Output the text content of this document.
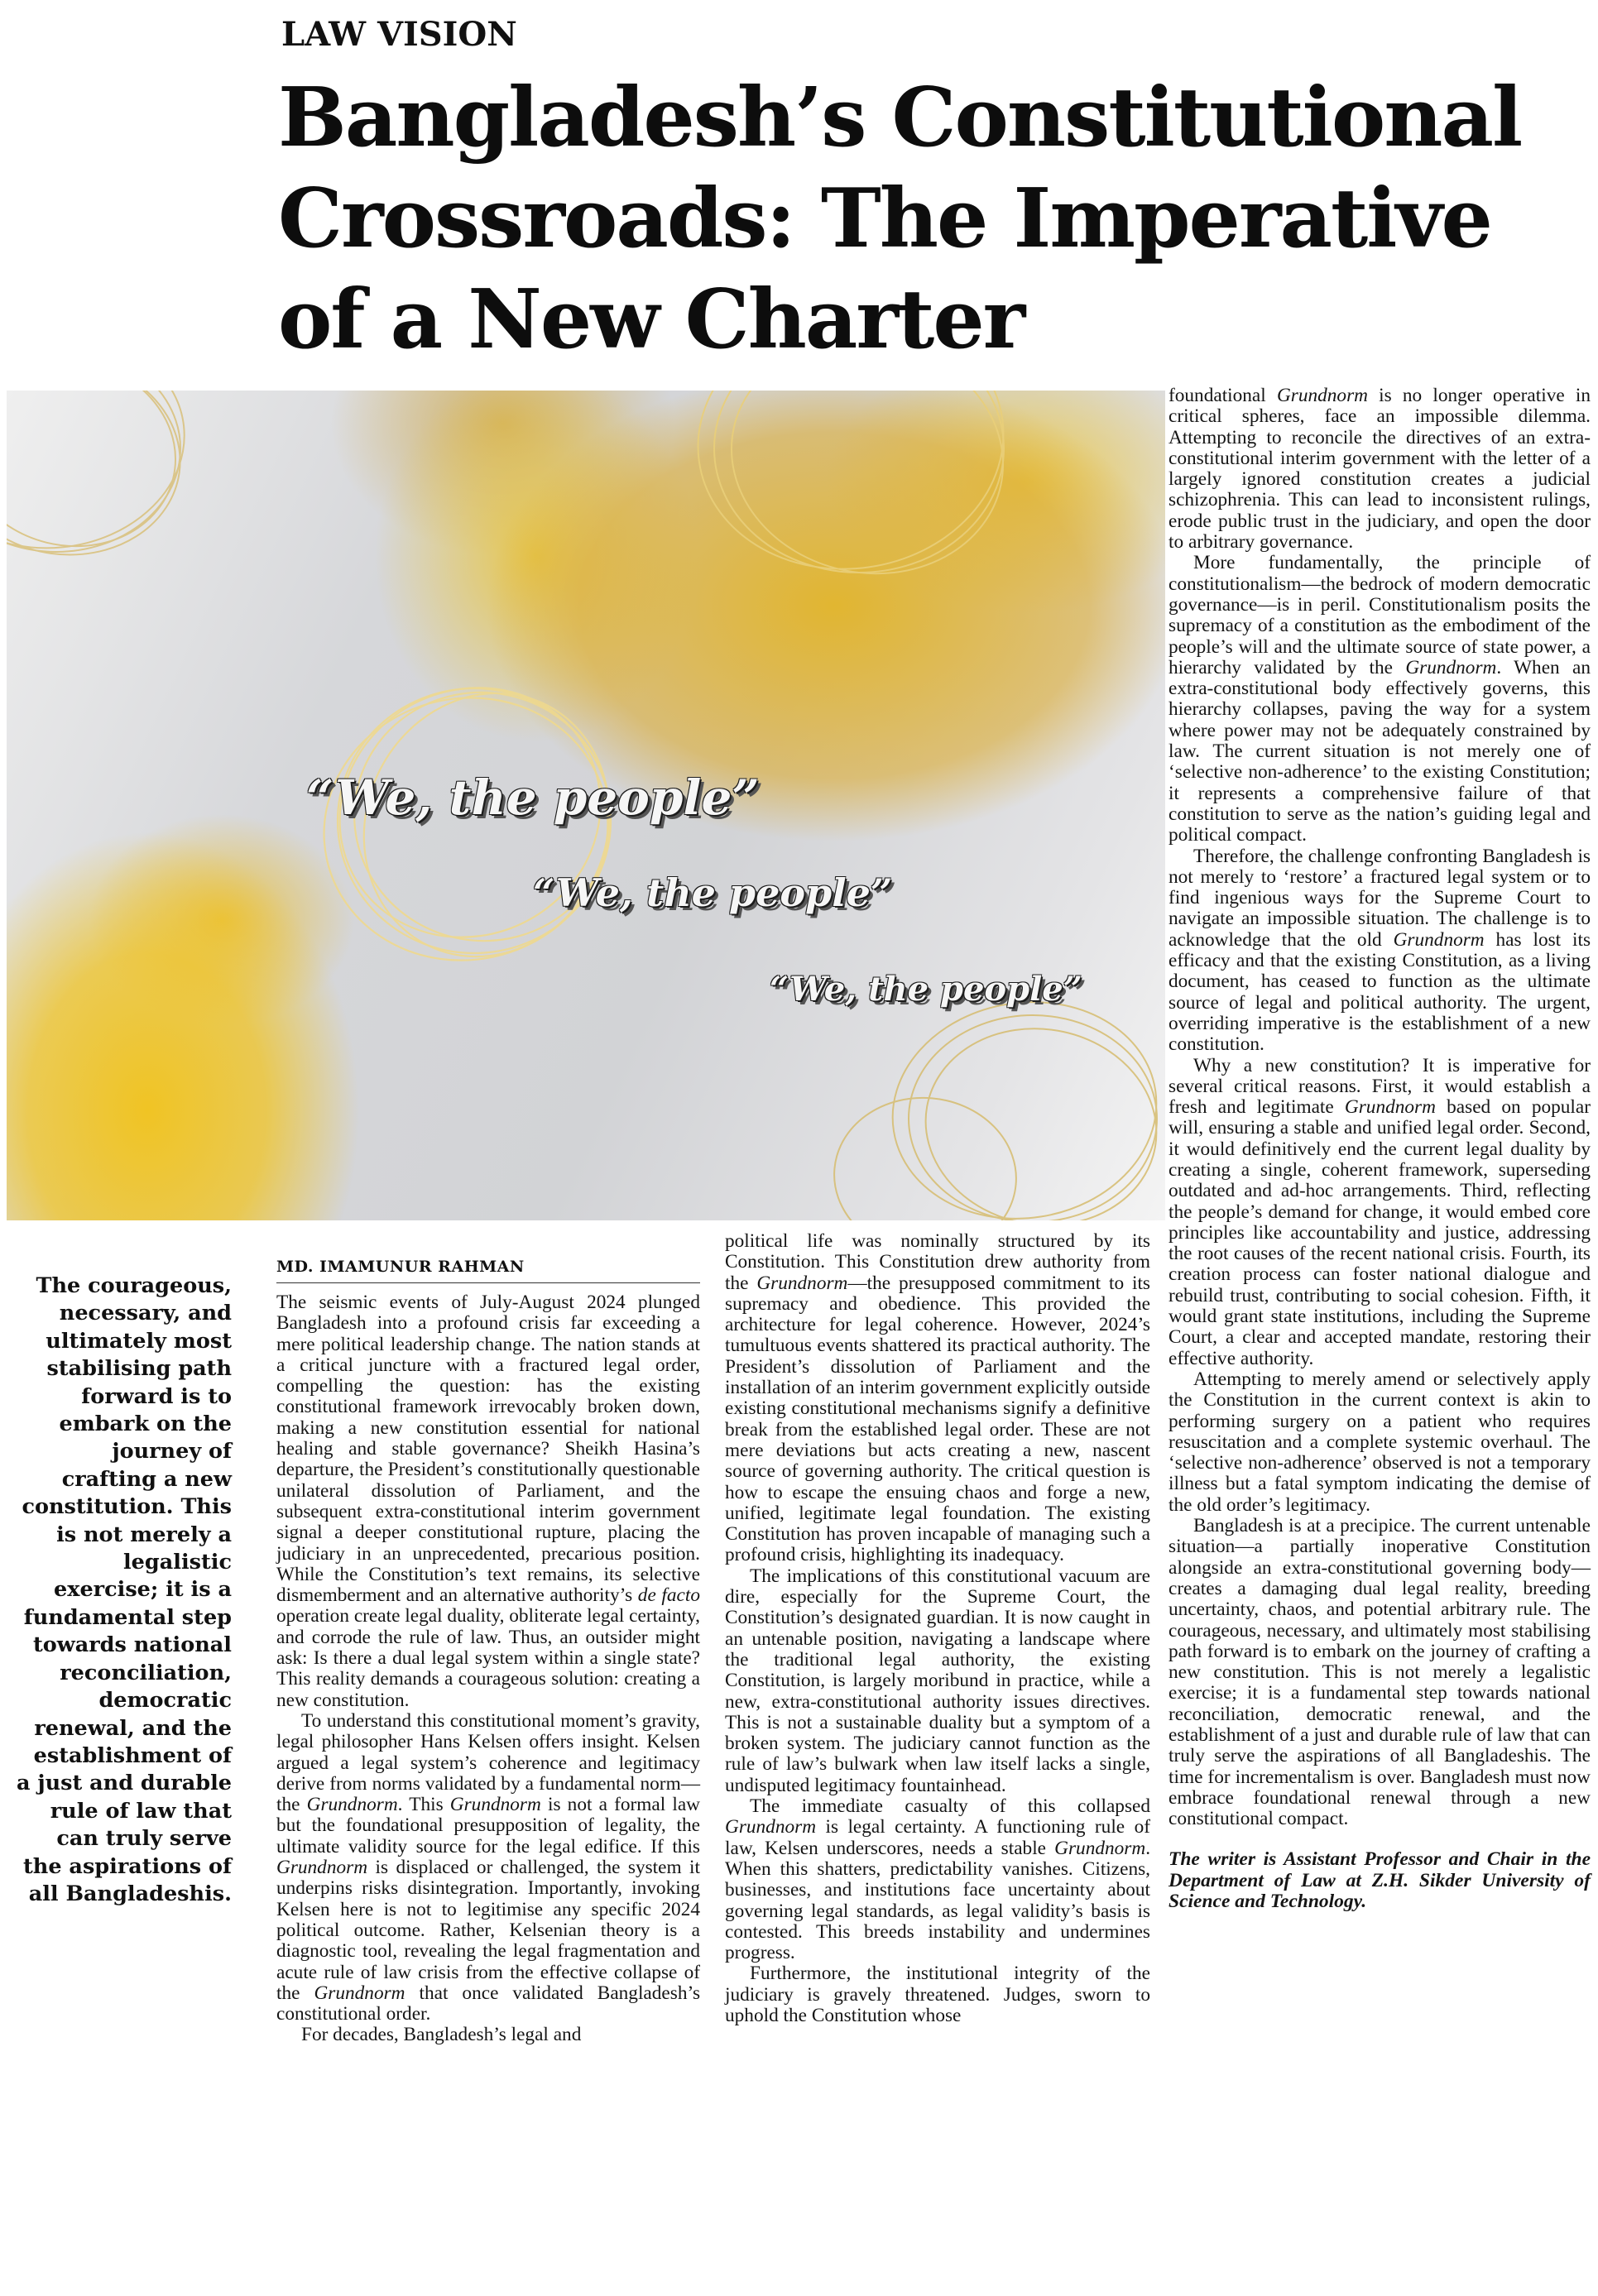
LAW VISION
Bangladesh’s Constitutional Crossroads: The Imperative of a New Charter
“We, the people”
“We, the people”
“We, the people”

The courageous, necessary, and ultimately most stabilising path forward is to embark on the journey of crafting a new constitution. This is not merely a legalistic exercise; it is a fundamental step towards national reconciliation, democratic renewal, and the establishment of a just and durable rule of law that can truly serve the aspirations of all Bangladeshis.

MD. IMAMUNUR RAHMAN

The seismic events of July-August 2024 plunged Bangladesh into a profound crisis far exceeding a mere political leadership change. The nation stands at a critical juncture with a fractured legal order, compelling the question: has the existing constitutional framework irrevocably broken down, making a new constitution essential for national healing and stable governance? Sheikh Hasina’s departure, the President’s constitutionally questionable unilateral dissolution of Parliament, and the subsequent extra-constitutional interim government signal a deeper constitutional rupture, placing the judiciary in an unprecedented, precarious position. While the Constitution’s text remains, its selective dismemberment and an alternative authority’s de facto operation create legal duality, obliterate legal certainty, and corrode the rule of law. Thus, an outsider might ask: Is there a dual legal system within a single state? This reality demands a courageous solution: creating a new constitution.

To understand this constitutional moment’s gravity, legal philosopher Hans Kelsen offers insight. Kelsen argued a legal system’s coherence and legitimacy derive from norms validated by a fundamental norm—the Grundnorm. This Grundnorm is not a formal law but the foundational presupposition of legality, the ultimate validity source for the legal edifice. If this Grundnorm is displaced or challenged, the system it underpins risks disintegration. Importantly, invoking Kelsen here is not to legitimise any specific 2024 political outcome. Rather, Kelsenian theory is a diagnostic tool, revealing the legal fragmentation and acute rule of law crisis from the effective collapse of the Grundnorm that once validated Bangladesh’s constitutional order.

For decades, Bangladesh’s legal and

political life was nominally structured by its Constitution. This Constitution drew authority from the Grundnorm—the presupposed commitment to its supremacy and obedience. This provided the architecture for legal coherence. However, 2024’s tumultuous events shattered its practical authority. The President’s dissolution of Parliament and the installation of an interim government explicitly outside existing constitutional mechanisms signify a definitive break from the established legal order. These are not mere deviations but acts creating a new, nascent source of governing authority. The critical question is how to escape the ensuing chaos and forge a new, unified, legitimate legal foundation. The existing Constitution has proven incapable of managing such a profound crisis, highlighting its inadequacy.

The implications of this constitutional vacuum are dire, especially for the Supreme Court, the Constitution’s designated guardian. It is now caught in an untenable position, navigating a landscape where the traditional legal authority, the existing Constitution, is largely moribund in practice, while a new, extra-constitutional authority issues directives. This is not a sustainable duality but a symptom of a broken system. The judiciary cannot function as the rule of law’s bulwark when law itself lacks a single, undisputed legitimacy fountainhead.

The immediate casualty of this collapsed Grundnorm is legal certainty. A functioning rule of law, Kelsen underscores, needs a stable Grundnorm. When this shatters, predictability vanishes. Citizens, businesses, and institutions face uncertainty about governing legal standards, as legal validity’s basis is contested. This breeds instability and undermines progress.

Furthermore, the institutional integrity of the judiciary is gravely threatened. Judges, sworn to uphold the Constitution whose

foundational Grundnorm is no longer operative in critical spheres, face an impossible dilemma. Attempting to reconcile the directives of an extra-constitutional interim government with the letter of a largely ignored constitution creates a judicial schizophrenia. This can lead to inconsistent rulings, erode public trust in the judiciary, and open the door to arbitrary governance.

More fundamentally, the principle of constitutionalism—the bedrock of modern democratic governance—is in peril. Constitutionalism posits the supremacy of a constitution as the embodiment of the people’s will and the ultimate source of state power, a hierarchy validated by the Grundnorm. When an extra-constitutional body effectively governs, this hierarchy collapses, paving the way for a system where power may not be adequately constrained by law. The current situation is not merely one of ‘selective non-adherence’ to the existing Constitution; it represents a comprehensive failure of that constitution to serve as the nation’s guiding legal and political compact.

Therefore, the challenge confronting Bangladesh is not merely to ‘restore’ a fractured legal system or to find ingenious ways for the Supreme Court to navigate an impossible situation. The challenge is to acknowledge that the old Grundnorm has lost its efficacy and that the existing Constitution, as a living document, has ceased to function as the ultimate source of legal and political authority. The urgent, overriding imperative is the establishment of a new constitution.

Why a new constitution? It is imperative for several critical reasons. First, it would establish a fresh and legitimate Grundnorm based on popular will, ensuring a stable and unified legal order. Second, it would definitively end the current legal duality by creating a single, coherent framework, superseding outdated and ad-hoc arrangements. Third, reflecting the people’s demand for change, it would embed core principles like accountability and justice, addressing the root causes of the recent national crisis. Fourth, its creation process can foster national dialogue and rebuild trust, contributing to social cohesion. Fifth, it would grant state institutions, including the Supreme Court, a clear and accepted mandate, restoring their effective authority.

Attempting to merely amend or selectively apply the Constitution in the current context is akin to performing surgery on a patient who requires resuscitation and a complete systemic overhaul. The ‘selective non-adherence’ observed is not a temporary illness but a fatal symptom indicating the demise of the old order’s legitimacy.

Bangladesh is at a precipice. The current untenable situation—a partially inoperative Constitution alongside an extra-constitutional governing body—creates a damaging dual legal reality, breeding uncertainty, chaos, and potential arbitrary rule. The courageous, necessary, and ultimately most stabilising path forward is to embark on the journey of crafting a new constitution. This is not merely a legalistic exercise; it is a fundamental step towards national reconciliation, democratic renewal, and the establishment of a just and durable rule of law that can truly serve the aspirations of all Bangladeshis. The time for incrementalism is over. Bangladesh must now embrace foundational renewal through a new constitutional compact.

The writer is Assistant Professor and Chair in the Department of Law at Z.H. Sikder University of Science and Technology.
